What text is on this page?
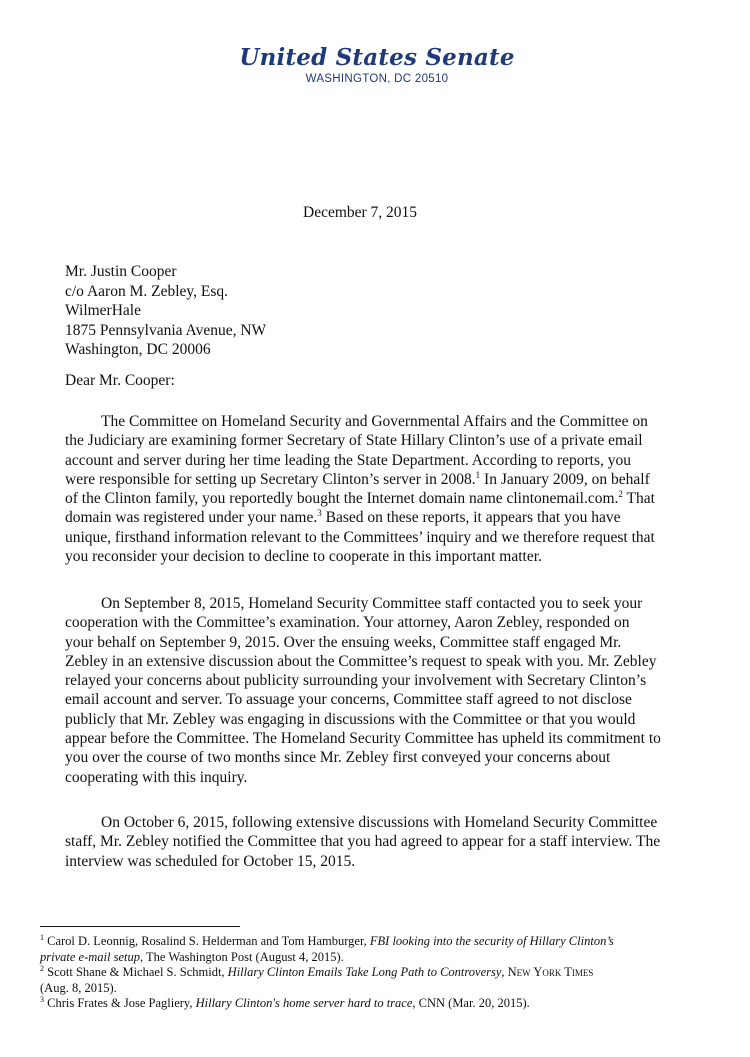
United States Senate
WASHINGTON, DC 20510
December 7, 2015
Mr. Justin Cooper
c/o Aaron M. Zebley, Esq.
WilmerHale
1875 Pennsylvania Avenue, NW
Washington, DC 20006
Dear Mr. Cooper:
The Committee on Homeland Security and Governmental Affairs and the Committee on
the Judiciary are examining former Secretary of State Hillary Clinton’s use of a private email
account and server during her time leading the State Department. According to reports, you
were responsible for setting up Secretary Clinton’s server in 2008.$^1$ In January 2009, on behalf
of the Clinton family, you reportedly bought the Internet domain name clintonemail.com.$^2$ That
domain was registered under your name.$^3$ Based on these reports, it appears that you have
unique, firsthand information relevant to the Committees’ inquiry and we therefore request that
you reconsider your decision to decline to cooperate in this important matter.
On September 8, 2015, Homeland Security Committee staff contacted you to seek your
cooperation with the Committee’s examination. Your attorney, Aaron Zebley, responded on
your behalf on September 9, 2015. Over the ensuing weeks, Committee staff engaged Mr.
Zebley in an extensive discussion about the Committee’s request to speak with you. Mr. Zebley
relayed your concerns about publicity surrounding your involvement with Secretary Clinton’s
email account and server. To assuage your concerns, Committee staff agreed to not disclose
publicly that Mr. Zebley was engaging in discussions with the Committee or that you would
appear before the Committee. The Homeland Security Committee has upheld its commitment to
you over the course of two months since Mr. Zebley first conveyed your concerns about
cooperating with this inquiry.
On October 6, 2015, following extensive discussions with Homeland Security Committee
staff, Mr. Zebley notified the Committee that you had agreed to appear for a staff interview. The
interview was scheduled for October 15, 2015.
$^1$ Carol D. Leonnig, Rosalind S. Helderman and Tom Hamburger, FBI looking into the security of Hillary Clinton’s
private e-mail setup, The Washington Post (August 4, 2015).
$^2$ Scott Shane & Michael S. Schmidt, Hillary Clinton Emails Take Long Path to Controversy, New York Times
(Aug. 8, 2015).
$^3$ Chris Frates & Jose Pagliery, Hillary Clinton's home server hard to trace, CNN (Mar. 20, 2015).
